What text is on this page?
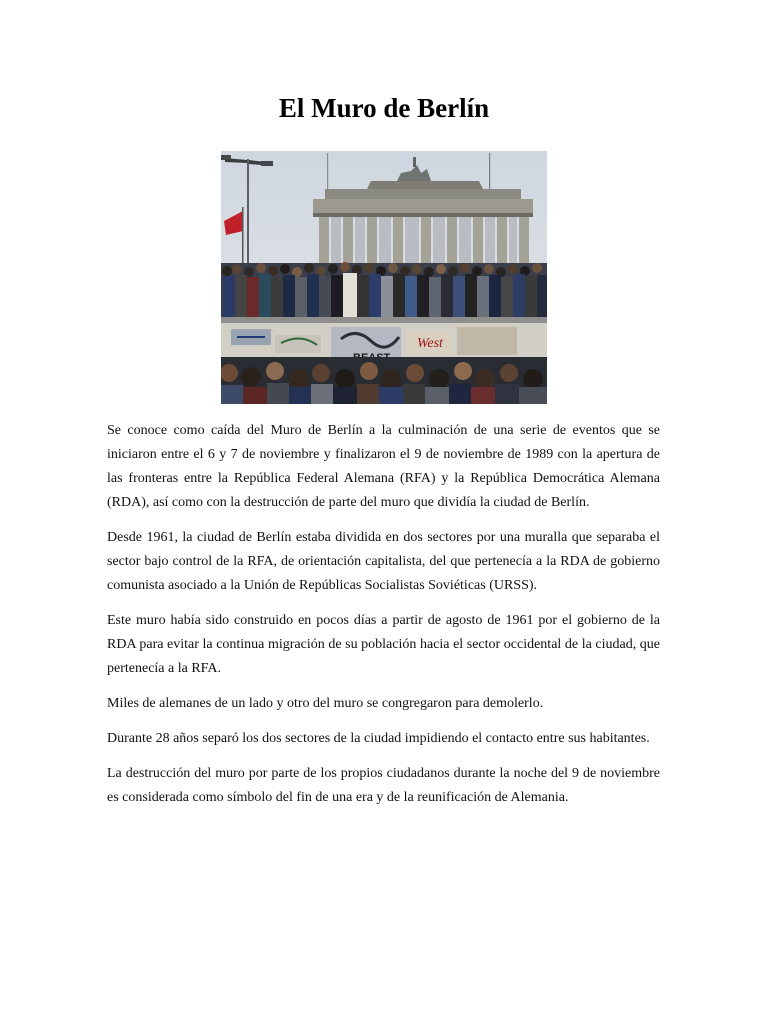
El Muro de Berlín
West

Se conoce como caída del Muro de Berlín a la culminación de una serie de eventos que se iniciaron entre el 6 y 7 de noviembre y finalizaron el 9 de noviembre de 1989 con la apertura de las fronteras entre la República Federal Alemana (RFA) y la República Democrática Alemana (RDA), así como con la destrucción de parte del muro que dividía la ciudad de Berlín.

Desde 1961, la ciudad de Berlín estaba dividida en dos sectores por una muralla que separaba el sector bajo control de la RFA, de orientación capitalista, del que pertenecía a la RDA de gobierno comunista asociado a la Unión de Repúblicas Socialistas Soviéticas (URSS).

Este muro había sido construido en pocos días a partir de agosto de 1961 por el gobierno de la RDA para evitar la continua migración de su población hacia el sector occidental de la ciudad, que pertenecía a la RFA.

Miles de alemanes de un lado y otro del muro se congregaron para demolerlo.

Durante 28 años separó los dos sectores de la ciudad impidiendo el contacto entre sus habitantes.

La destrucción del muro por parte de los propios ciudadanos durante la noche del 9 de noviembre es considerada como símbolo del fin de una era y de la reunificación de Alemania.
